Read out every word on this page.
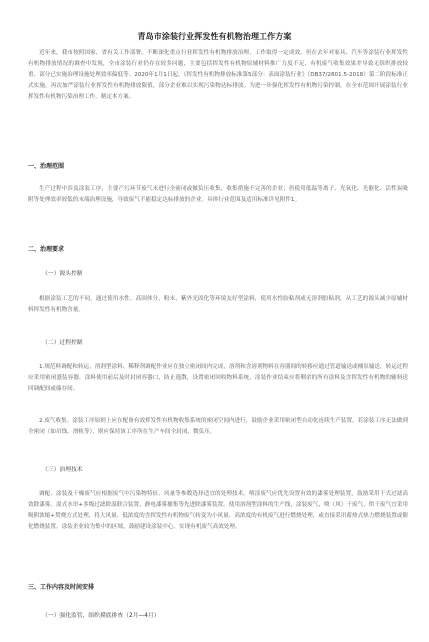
青岛市涂装行业挥发性有机物治理工作方案

近年来，我市按照国家、省有关工作部署，不断深化重点行业挥发性有机物排放治理，工作取得一定成效。但在去年对家具、汽车等涂装行业挥发性有机物排放情况的调查中发现，全市涂装行业仍存在较多问题，主要包括挥发性有机物原辅材料推广力度不足、有机废气收集效果差导致无组织排放较重、部分已实施治理设施处理效率偏低等。2020年1月1日起，《挥发性有机物排放标准第5部分：表面涂装行业》（DB37/2801.5-2018）第二阶段标准正式实施，再次加严涂装行业挥发性有机物排放限值，部分企业难以实现污染物达标排放。为进一步强化挥发性有机物污染控制，在全市范围开展涂装行业挥发性有机物污染治理工作，制定本方案。

一、治理范围

生产过程中涉及涂装工序，主要产污环节废气未进行全密闭或做负压收集，收集措施不完善的企业；仍使用低温等离子、光氧化、光催化、活性炭吸附等处理效率较低的末端治理设施，导致废气不能稳定达标排放的企业。具体行业范围及适用标准详见附件1。

二、治理要求
（一）源头控制

根据涂装工艺的不同，通过使用水性、高固体分、粉末、紫外光固化等环境友好型涂料，使用水性胶粘剂或无溶剂胶粘剂，从工艺的源头减少原辅材料挥发性有机物含量。

（二）过程控制

1.规范料调配和转运。溶剂型涂料、稀释剂调配作业应在独立密闭间内完成，溶剂和含溶剂物料在容器间的转移应通过管道输送或桶泵输送，转运过程应采用密闭盛装容器，涂料使用前后及时封闭容器口，防止逸散，设置密闭回收物料系统，涂装作业结束应将剩余的所有涂料及含挥发性有机物的辅料送回调配间或储存间。

2.废气收集。涂装工序原则上应在配备有效挥发性有机物收集系统的密闭空间内进行，鼓励企业采用密闭型自动化连续生产装置。若涂装工序无法做到全密闭（如吊线、滑轨等），则应保持该工序所在生产车间全封闭、微负压。

（三）治理技术

调配、涂装及干燥废气应根据废气中污染物特征、风量等参数选择适宜的处理技术。喷涂废气应优先设置有效的漆雾处理装置，鼓励采用干式过滤高效除漆雾、湿式水帘+多级过滤除湿联合装置，静电漆雾捕集等先进除漆雾装置。使用溶剂型涂料的生产线，涂装废气、喷（风）干废气、烘干废气宜采用吸附浓缩+焚烧方式处理，将大风量、低浓度的含挥发性有机物废气转变为小风量、高浓度的有机废气进行燃烧处理，或直接采用蓄热式热力燃烧装置或催化燃烧装置。涂装企业较为集中的区域，鼓励建设涂装中心，实现有机废气高效处理。

三、工作内容及时间安排
（一）强化监管，组织摸底排查（2月—4月）
